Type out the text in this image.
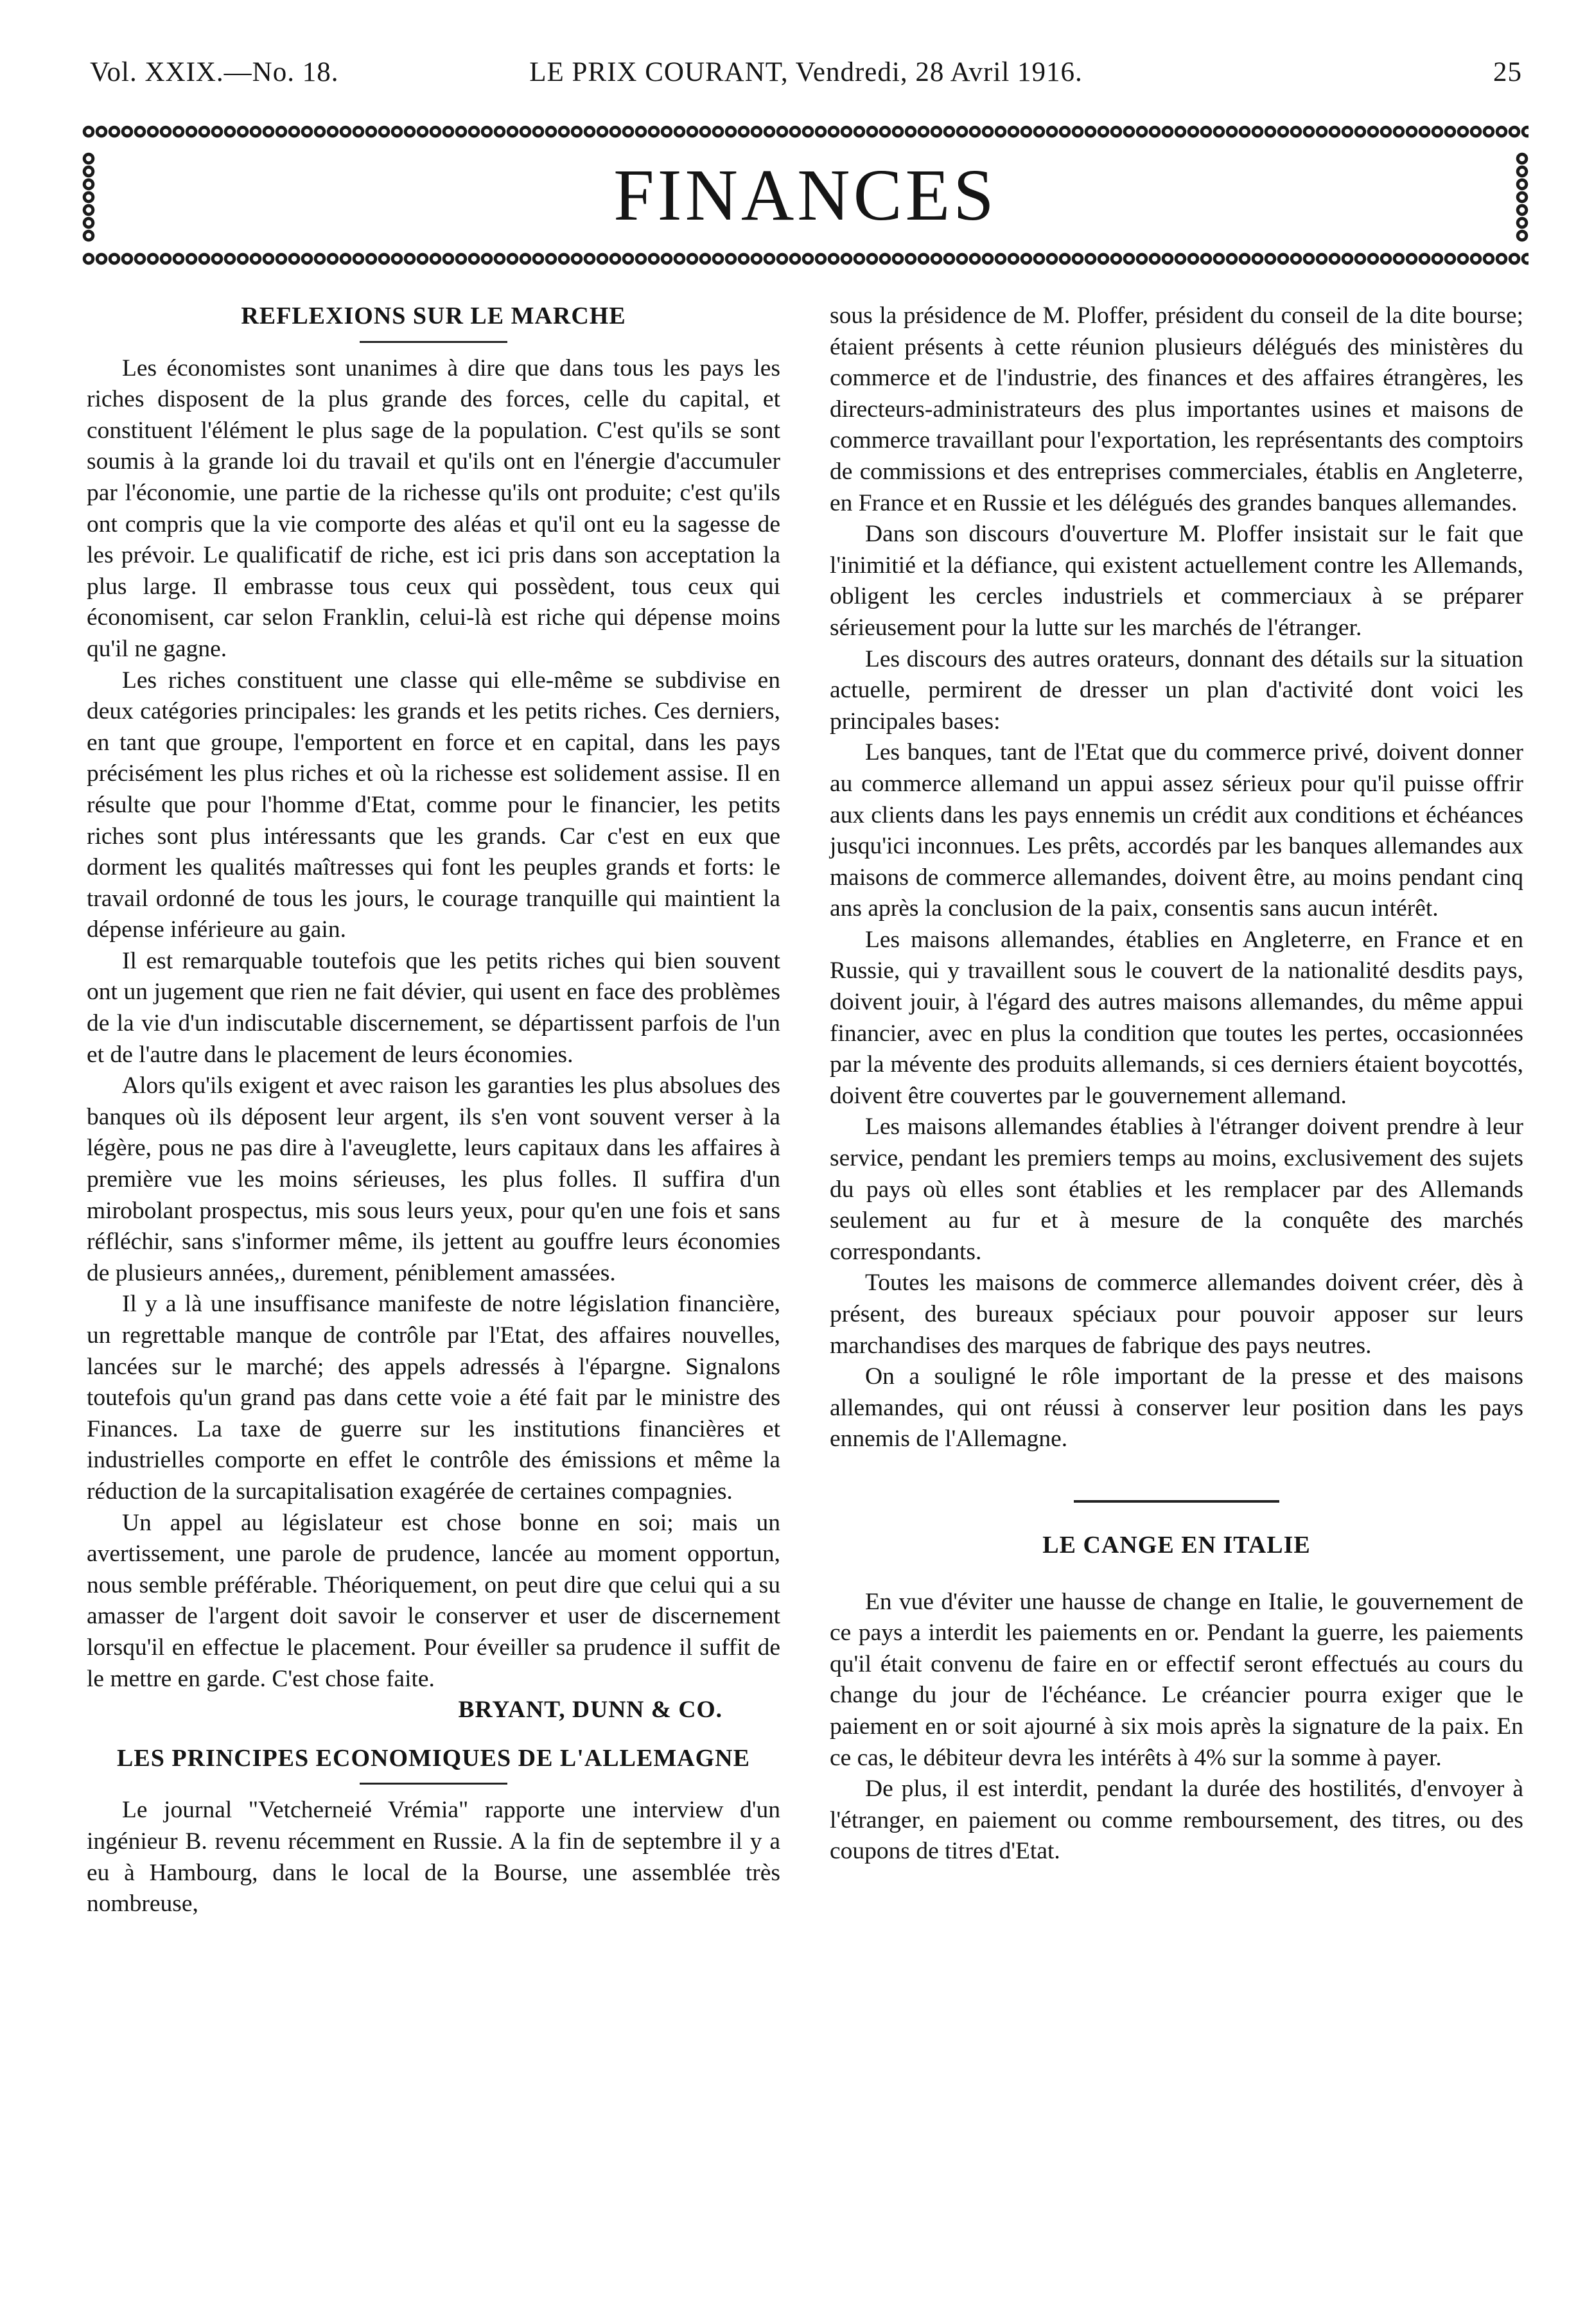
Vol. XXIX.—No. 18.	LE PRIX COURANT, Vendredi, 28 Avril 1916.	25
FINANCES
REFLEXIONS SUR LE MARCHE

Les économistes sont unanimes à dire que dans tous les pays les riches disposent de la plus grande des forces, celle du capital, et constituent l'élément le plus sage de la population. C'est qu'ils se sont soumis à la grande loi du travail et qu'ils ont en l'énergie d'accumuler par l'économie, une partie de la richesse qu'ils ont produite; c'est qu'ils ont compris que la vie comporte des aléas et qu'il ont eu la sagesse de les prévoir. Le qualificatif de riche, est ici pris dans son acceptation la plus large. Il embrasse tous ceux qui possèdent, tous ceux qui économisent, car selon Franklin, celui-là est riche qui dépense moins qu'il ne gagne.

Les riches constituent une classe qui elle-même se subdivise en deux catégories principales: les grands et les petits riches. Ces derniers, en tant que groupe, l'emportent en force et en capital, dans les pays précisément les plus riches et où la richesse est solidement assise. Il en résulte que pour l'homme d'Etat, comme pour le financier, les petits riches sont plus intéressants que les grands. Car c'est en eux que dorment les qualités maîtresses qui font les peuples grands et forts: le travail ordonné de tous les jours, le courage tranquille qui maintient la dépense inférieure au gain.

Il est remarquable toutefois que les petits riches qui bien souvent ont un jugement que rien ne fait dévier, qui usent en face des problèmes de la vie d'un indiscutable discernement, se départissent parfois de l'un et de l'autre dans le placement de leurs économies.

Alors qu'ils exigent et avec raison les garanties les plus absolues des banques où ils déposent leur argent, ils s'en vont souvent verser à la légère, pous ne pas dire à l'aveuglette, leurs capitaux dans les affaires à première vue les moins sérieuses, les plus folles. Il suffira d'un mirobolant prospectus, mis sous leurs yeux, pour qu'en une fois et sans réfléchir, sans s'informer même, ils jettent au gouffre leurs économies de plusieurs années,, durement, péniblement amassées.

Il y a là une insuffisance manifeste de notre législation financière, un regrettable manque de contrôle par l'Etat, des affaires nouvelles, lancées sur le marché; des appels adressés à l'épargne. Signalons toutefois qu'un grand pas dans cette voie a été fait par le ministre des Finances. La taxe de guerre sur les institutions financières et industrielles comporte en effet le contrôle des émissions et même la réduction de la surcapitalisation exagérée de certaines compagnies.

Un appel au législateur est chose bonne en soi; mais un avertissement, une parole de prudence, lancée au moment opportun, nous semble préférable. Théoriquement, on peut dire que celui qui a su amasser de l'argent doit savoir le conserver et user de discernement lorsqu'il en effectue le placement. Pour éveiller sa prudence il suffit de le mettre en garde. C'est chose faite.

BRYANT, DUNN & CO.
LES PRINCIPES ECONOMIQUES DE L'ALLEMAGNE

Le journal "Vetcherneié Vrémia" rapporte une interview d'un ingénieur B. revenu récemment en Russie. A la fin de septembre il y a eu à Hambourg, dans le local de la Bourse, une assemblée très nombreuse,

sous la présidence de M. Ploffer, président du conseil de la dite bourse; étaient présents à cette réunion plusieurs délégués des ministères du commerce et de l'industrie, des finances et des affaires étrangères, les directeurs-administrateurs des plus importantes usines et maisons de commerce travaillant pour l'exportation, les représentants des comptoirs de commissions et des entreprises commerciales, établis en Angleterre, en France et en Russie et les délégués des grandes banques allemandes.

Dans son discours d'ouverture M. Ploffer insistait sur le fait que l'inimitié et la défiance, qui existent actuellement contre les Allemands, obligent les cercles industriels et commerciaux à se préparer sérieusement pour la lutte sur les marchés de l'étranger.

Les discours des autres orateurs, donnant des détails sur la situation actuelle, permirent de dresser un plan d'activité dont voici les principales bases:

Les banques, tant de l'Etat que du commerce privé, doivent donner au commerce allemand un appui assez sérieux pour qu'il puisse offrir aux clients dans les pays ennemis un crédit aux conditions et échéances jusqu'ici inconnues. Les prêts, accordés par les banques allemandes aux maisons de commerce allemandes, doivent être, au moins pendant cinq ans après la conclusion de la paix, consentis sans aucun intérêt.

Les maisons allemandes, établies en Angleterre, en France et en Russie, qui y travaillent sous le couvert de la nationalité desdits pays, doivent jouir, à l'égard des autres maisons allemandes, du même appui financier, avec en plus la condition que toutes les pertes, occasionnées par la mévente des produits allemands, si ces derniers étaient boycottés, doivent être couvertes par le gouvernement allemand.

Les maisons allemandes établies à l'étranger doivent prendre à leur service, pendant les premiers temps au moins, exclusivement des sujets du pays où elles sont établies et les remplacer par des Allemands seulement au fur et à mesure de la conquête des marchés correspondants.

Toutes les maisons de commerce allemandes doivent créer, dès à présent, des bureaux spéciaux pour pouvoir apposer sur leurs marchandises des marques de fabrique des pays neutres.

On a souligné le rôle important de la presse et des maisons allemandes, qui ont réussi à conserver leur position dans les pays ennemis de l'Allemagne.

LE CANGE EN ITALIE

En vue d'éviter une hausse de change en Italie, le gouvernement de ce pays a interdit les paiements en or. Pendant la guerre, les paiements qu'il était convenu de faire en or effectif seront effectués au cours du change du jour de l'échéance. Le créancier pourra exiger que le paiement en or soit ajourné à six mois après la signature de la paix. En ce cas, le débiteur devra les intérêts à 4% sur la somme à payer.

De plus, il est interdit, pendant la durée des hostilités, d'envoyer à l'étranger, en paiement ou comme remboursement, des titres, ou des coupons de titres d'Etat.
